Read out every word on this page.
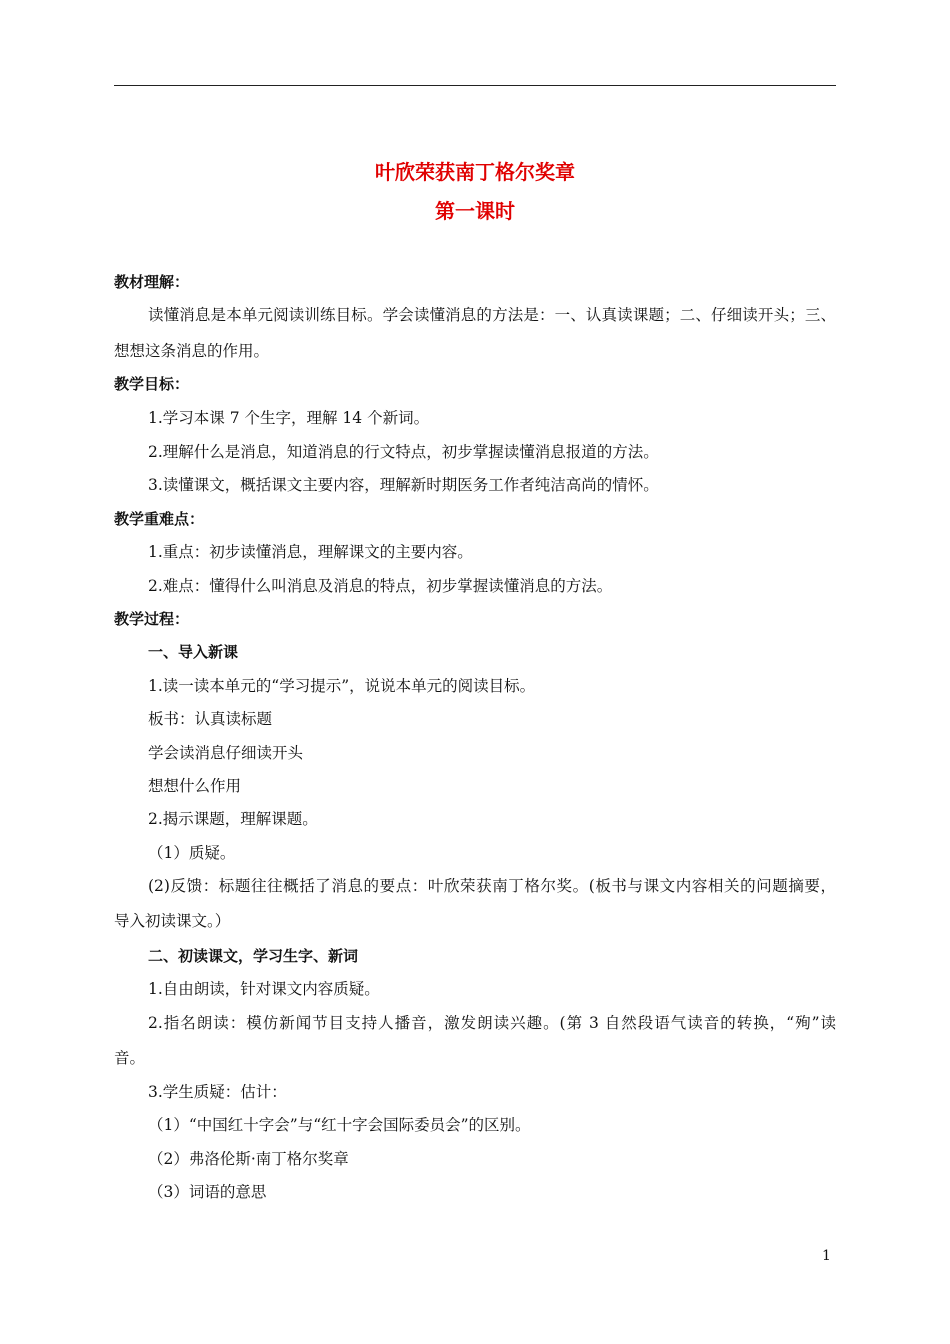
叶欣荣获南丁格尔奖章
第一课时
教材理解：
读懂消息是本单元阅读训练目标。学会读懂消息的方法是：一、认真读课题；二、仔细读开头；三、
想想这条消息的作用。
教学目标：
1.学习本课 7 个生字，理解 14 个新词。
2.理解什么是消息，知道消息的行文特点，初步掌握读懂消息报道的方法。
3.读懂课文，概括课文主要内容，理解新时期医务工作者纯洁高尚的情怀。
教学重难点：
1.重点：初步读懂消息，理解课文的主要内容。
2.难点：懂得什么叫消息及消息的特点，初步掌握读懂消息的方法。
教学过程：
一、导入新课
1.读一读本单元的“学习提示”，说说本单元的阅读目标。
板书：认真读标题
学会读消息仔细读开头
想想什么作用
2.揭示课题，理解课题。
（1）质疑。
(2)反馈：标题往往概括了消息的要点：叶欣荣获南丁格尔奖。(板书与课文内容相关的问题摘要，
导入初读课文。）
二、初读课文，学习生字、新词
1.自由朗读，针对课文内容质疑。
2.指名朗读：模仿新闻节目支持人播音，激发朗读兴趣。(第 3 自然段语气读音的转换，“殉”读
音。
3.学生质疑：估计：
（1）“中国红十字会”与“红十字会国际委员会”的区别。
（2）弗洛伦斯·南丁格尔奖章
（3）词语的意思
1
